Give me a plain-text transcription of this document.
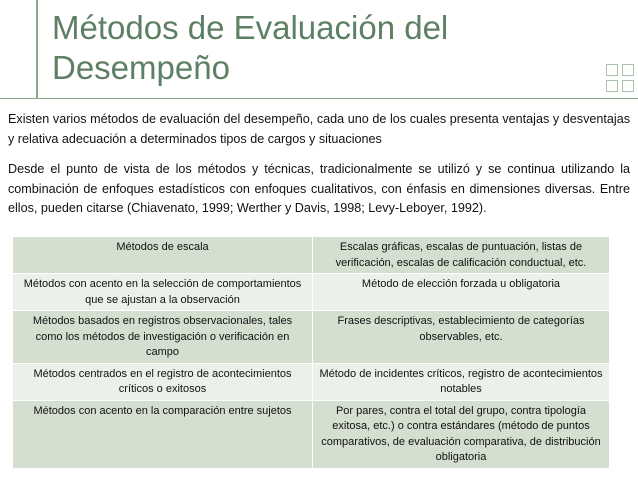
Métodos de Evaluación del Desempeño

Existen varios métodos de evaluación del desempeño, cada uno de los cuales presenta ventajas y desventajas y relativa adecuación a determinados tipos de cargos y situaciones

Desde el punto de vista de los métodos y técnicas, tradicionalmente se utilizó y se continua utilizando la combinación de enfoques estadísticos con enfoques cualitativos, con énfasis en dimensiones diversas. Entre ellos, pueden citarse (Chiavenato, 1999; Werther y Davis, 1998; Levy-Leboyer, 1992).

Métodos de escala	Escalas gráficas, escalas de puntuación, listas de verificación, escalas de calificación conductual, etc.
Métodos con acento en la selección de comportamientos que se ajustan a la observación	Método de elección forzada u obligatoria
Métodos basados en registros observacionales, tales como los métodos de investigación o verificación en campo	Frases descriptivas, establecimiento de categorías observables, etc.
Métodos centrados en el registro de acontecimientos críticos o exitosos	Método de incidentes críticos, registro de acontecimientos notables
Métodos con acento en la comparación entre sujetos	Por pares, contra el total del grupo, contra tipología exitosa, etc.) o contra estándares (método de puntos comparativos, de evaluación comparativa, de distribución obligatoria
